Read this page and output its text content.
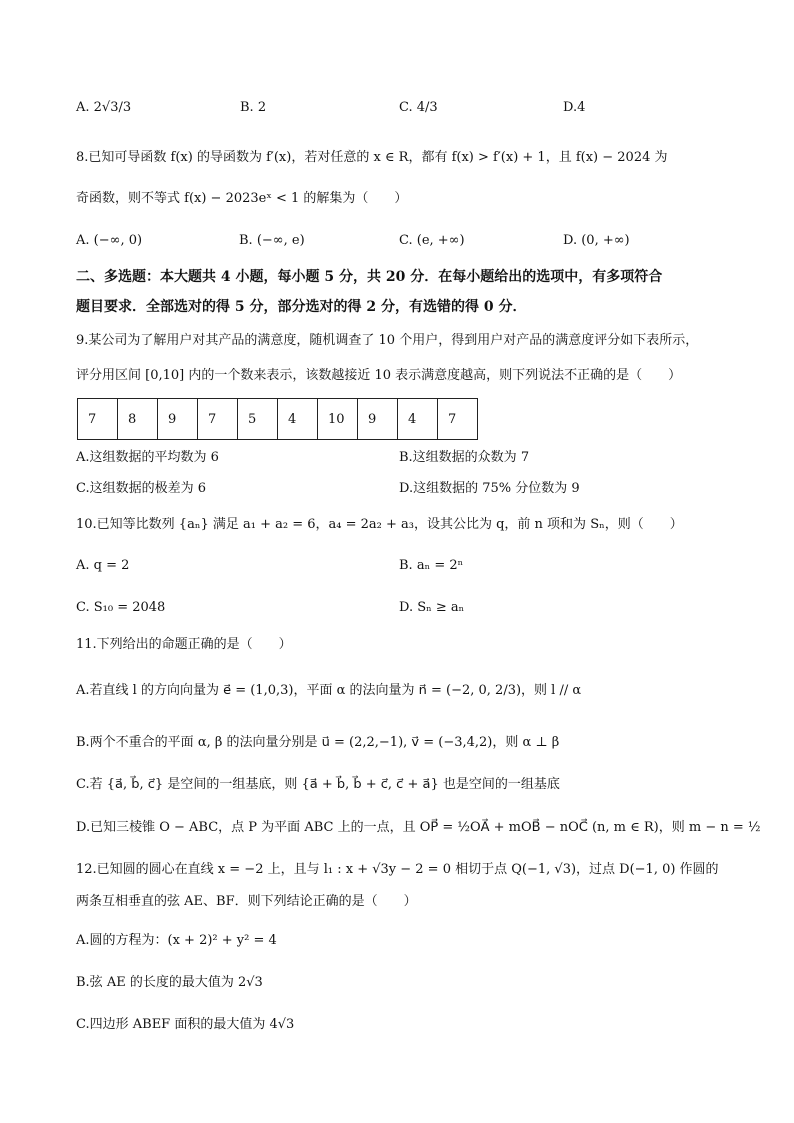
A. 2√3/3	B. 2	C. 4/3	D.4
8.已知可导函数 f(x) 的导函数为 f′(x)，若对任意的 x ∈ R，都有 f(x) > f′(x) + 1，且 f(x) − 2024 为
奇函数，则不等式 f(x) − 2023eˣ < 1 的解集为（　　）
A. (−∞, 0)	B. (−∞, e)	C. (e, +∞)	D. (0, +∞)
二、多选题：本大题共 4 小题，每小题 5 分，共 20 分．在每小题给出的选项中，有多项符合
题目要求．全部选对的得 5 分，部分选对的得 2 分，有选错的得 0 分．
9.某公司为了解用户对其产品的满意度，随机调查了 10 个用户，得到用户对产品的满意度评分如下表所示，
评分用区间 [0,10] 内的一个数来表示，该数越接近 10 表示满意度越高，则下列说法不正确的是（　　）
7	8	9	7	5	4	10	9	4	7
A.这组数据的平均数为 6	B.这组数据的众数为 7
C.这组数据的极差为 6	D.这组数据的 75% 分位数为 9
10.已知等比数列 {aₙ} 满足 a₁ + a₂ = 6，a₄ = 2a₂ + a₃，设其公比为 q，前 n 项和为 Sₙ，则（　　）
A. q = 2	B. aₙ = 2ⁿ
C. S₁₀ = 2048	D. Sₙ ≥ aₙ
11.下列给出的命题正确的是（　　）
A.若直线 l 的方向向量为 e⃗ = (1,0,3)，平面 α 的法向量为 n⃗ = (−2, 0, 2/3)，则 l // α
B.两个不重合的平面 α, β 的法向量分别是 u⃗ = (2,2,−1), v⃗ = (−3,4,2)，则 α ⊥ β
C.若 {a⃗, b⃗, c⃗} 是空间的一组基底，则 {a⃗ + b⃗, b⃗ + c⃗, c⃗ + a⃗} 也是空间的一组基底
D.已知三棱锥 O − ABC，点 P 为平面 ABC 上的一点，且 OP⃗ = ½OA⃗ + mOB⃗ − nOC⃗ (n, m ∈ R)，则 m − n = ½
12.已知圆的圆心在直线 x = −2 上，且与 l₁ : x + √3y − 2 = 0 相切于点 Q(−1, √3)，过点 D(−1, 0) 作圆的
两条互相垂直的弦 AE、BF．则下列结论正确的是（　　）
A.圆的方程为：(x + 2)² + y² = 4
B.弦 AE 的长度的最大值为 2√3
C.四边形 ABEF 面积的最大值为 4√3
